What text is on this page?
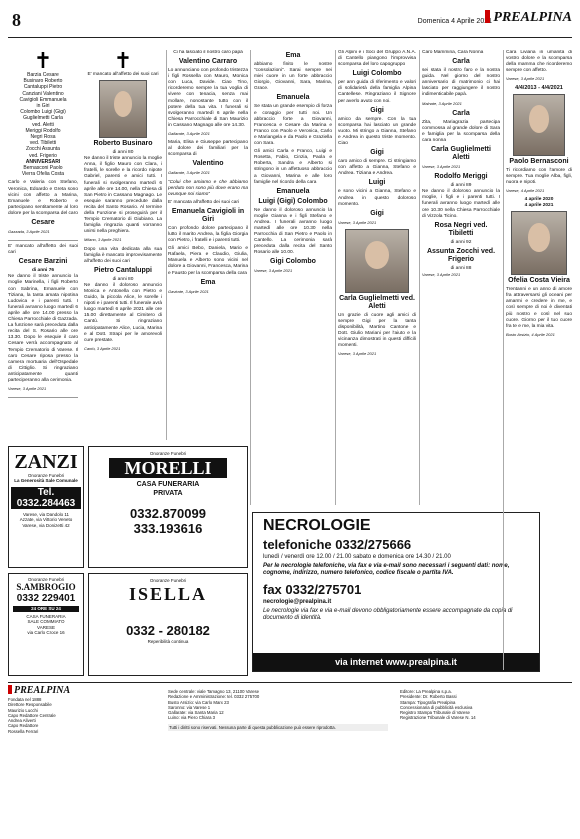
8	Domenica 4 Aprile 2021 PREALPINA
✝
Barzia Cesare
Businaro Roberto
Cantaluppi Pietro
Canziani Valentino
Cavigioli Emmanuela
in Giri
Colombo Luigi (Gigi)
Guglielmetti Carla
ved. Aletti
Meriggi Rodolfo
Negri Rosa
ved. Tibiletti
Zocchi Assunta
ved. Frigerio
ANNIVERSARI
Bernasconi Paolo
Vierra Ofelia Costa

Carlo e Valeria con Stefano, Veronica, Edoardo e Greta sono vicini con affetto a Marina, Emanuele e Roberto e partecipano sentitamente al loro dolore per la scomparsa del caro

Cesare
Gazzada, 3 Aprile 2021

E' mancato all'affetto dei suoi cari

Cesare Barzini
di anni 76

Ne danno il triste annuncio la moglie Marinella, i figli Roberto con Sabrina, Emanuele con Tiziana, la tanta amata nipotina Ludovica e i parenti tutti. I funerali avranno luogo martedì 6 aprile alle ore 14.00 presso la Chiesa Parrocchiale di Gazzada. La funzione sarà preceduta dalla recita del S. Rosario alle ore 13.30. Dopo le esequie il caro Cesare verrà accompagnato al Tempio Crematorio di Varese. Il caro Cesare riposa presso la camera mortuaria dell'Ospedale di Cittiglio. Si ringraziano anticipatamente quanti parteciperanno alla cerimonia.

Varese, 3 Aprile 2021
✝

E' mancato all'affetto dei suoi cari

Roberto Businaro
di anni 80

Ne danno il triste annuncio la moglie Anna, il figlio Mauro con Clara, i fratelli, le sorelle e la ricordo nipote Gabriel, parenti e amici tutti. I funerali si svolgeranno martedì 6 aprile alle ore 14.00, nella Chiesa di San Pietro in Cassano Magnago. Le esequie saranno precedute dalla recita del Santo Rosario. Al termine della Funzione si proseguirà per il Tempio Crematorio di Giubiano. La famiglia ringrazia quanti vorranno unirsi nella preghiera.

Milano, 3 Aprile 2021

Dopo una vita dedicata alla sua famiglia è mancato improvvisamente all'affetto dei suoi cari

Pietro Cantaluppi
di anni 80

Ne danno il doloroso annuncio Monica e Antonella con Pietro e Guido, la piccola Alice, le sorelle i nipoti e i parenti tutti. Il funerale avrà luogo martedì 6 aprile 2021 alle ore 15.00 direttamente al Cimitero di Cantù. Si ringraziano anticipatamente Alice, Lucia, Marina e al Dott. Strapi per le amorevoli cure prestate.

Cantù, 3 Aprile 2021

Ci ha lasciato il nostro caro papà

Valentino Carraro

Lo annunciano con profondo tristezza i figli Rossella con Mauro, Monica con Luca, Davide. Ciao Tino, ricorderemo sempre la tua voglia di vivere con tenacia, senza mai mollare, nonostante tutto con il potere della tua vita. I funerali si svolgeranno martedì 6 aprile nella Chiesa Parrocchiale di San Maurizio in Cassano Magnago alle ore 14.30.

Gallarate, 3 Aprile 2021

Maria, Elisa e Giuseppe partecipano al dolore dei familiari per la scomparsa di

Valentino
Gallarate, 3 Aprile 2021

“Colui che amiamo e che abbiamo perduto non sono più dove erano ma ovunque noi siamo”

E' mancata all'affetto dei suoi cari

Emanuela Cavigioli in Giri

Con profondo dolore partecipano il lutto il marito Andrea, la figlia Giorgia con Pietro, i fratelli e i parenti tutti.

Gli amici Bebo, Daniela, Mario e Rafaela, Piera e Claudio, Giulia, Manuela e Alberto sono vicini nel dolore a Giovanni, Francesca, Marina e Fausto per la scomparsa della cara

Ema
Gavirate, 3 Aprile 2021
Ema

abbiamo finito le nostre “consolazioni”. Sarai sempre nei miei cuore in un forte abbraccio Giorgio, Giovanni, Sara, Marina, Grace.

Emanuela

Se stata un grande esempio di forza e coraggio per tutti noi. Un abbraccio forte a Giovanni, Francesca e Cesare da Marina e Franco con Paolo e Veronica, Carlo e Mariangela e da Paolo e Graziella con Sara.

Gli amici Carla e Franco, Luigi e Rosetta, Fabio, Cinzia, Paola e Roberta, Sandra e Alberto si stringono in un affettuoso abbraccio a Giovanni, Marina e alle loro famiglie nel ricordo della cara

Emanuela
Luigi (Gigi) Colombo

Ne danno il doloroso annuncio la moglie Gianna e i figli Stefano e Andrea. I funerali avranno luogo martedì alle ore 10.30 nella Parrocchia di San Pietro e Paolo in Cantello. La cerimonia sarà preceduta dalla recita del Santo Rosario alle 10.00.

Gigi Colombo
Varese, 3 Aprile 2021

Gli Alpini e i Soci del Gruppo A.N.A. di Cantello piangono l'improvvisa scomparsa del loro capogruppo

Luigi Colombo

per ann guida di riferimento e valori di solidarietà della famiglia Alpina Cantellese. Ringraziano il Signore per averlo avuto con noi.

Gigi

amico da sempre. Con la tua scomparsa hai lasciato un grande vuoto. Mi stringo a Gianna, Stefano e Andrea in questo triste momento. Ciao

Gigi

caro amico di sempre. Ci stringiamo con affetto a Gianna, Stefano e Andrea. Tiziana e Andrea.

Luigi

e sono vicini a Gianna, Stefano e Andrea in questo doloroso momento.

Gigi
Varese, 3 Aprile 2021
Carla Guglielmetti ved. Aletti

Un grazie di cuore agli amici di sempre Gigi per la tanta disponibilità, Martino Cantone e Dott. Giulio Mariani per l'aiuto e la vicinanza dimostrati in questi difficili momenti.

Varese, 3 Aprile 2021

Caro Mammina, Cara Nonna

Carla

sei stata il nostro faro e la nostra guida. Nel giorno del nostro anniversario di matrimonio ci hai lasciato per raggiungere il nostro indimenticabile papà.

Malnate, 3 Aprile 2021
Carla

Zita, Mariagrazia partecipa commossa al grande dolore di Sara e famiglia per la scomparsa della cara nonna

Carla Guglielmetti Aletti
Varese, 3 Aprile 2021
Rodolfo Meriggi
di anni 89

Ne danno il doloroso annuncio la moglie, i figli e i parenti tutti. I funerali avranno luogo martedì alle ore 10.30 nella Chiesa Parrocchiale di Vizzola Ticino.

Rosa Negri ved. Tibiletti
di anni 92
Assunta Zocchi ved. Frigerio
di anni 88
Varese, 3 Aprile 2021

Cara Liviana in umanità di vostro dolore e la scomparsa della mamma che ricorderemo sempre con affetto.

Varese, 3 Aprile 2021
4/4/2013 - 4/4/2021
Paolo Bernasconi

Ti ricordiamo con l'amore di sempre. Tua moglie Alba, figli, nuora e nipoti.

Varese, 4 Aprile 2021
4 aprile 2020
4 aprile 2021
Ofelia Costa Vieira

Trentanni e un anno di amore fra attraversarsi gli oceani per amarmi e credere in me, e così sempre di noi è diventati più nostro e così nel suo cuore. Giorno per il tuo cuore fra te e me, la mia vita.

Busto Arsizio, 4 Aprile 2021
ZANZI
Onoranze Funebri
La Generosità Sale Comunale
Tel. 0332.284463
Varese, via Dandolo 11
Azzate, via Vittorio Veneto
Varese, via Donizetti 42
Onoranze Funebri
S.AMBROGIO
0332 229401
24 ORE SU 24
CASA FUNERARIA
SALE COMMIATO
VARESE
via Carlo Croce 16
Onoranze Funebri
MORELLI
CASA FUNERARIA
PRIVATA
0332.870099
333.193616
Onoranze Funebri
ISELLA
0332 - 280182
Reperibilità continua
NECROLOGIE
telefoniche 0332/275666
lunedì / venerdì ore 12.00 / 21.00 sabato e domenica ore 14.30 / 21.00
Per le necrologie telefoniche, via fax e via e-mail sono necessari i seguenti dati: nome, cognome, indirizzo, numero telefonico, codice fiscale o partita IVA.
fax 0332/275701
necrologie@prealpina.it
Le necrologie via fax e via e-mail devono obbligatoriamente essere accompagnate da copia di documento di identità.
via internet www.prealpina.it
PREALPINA
Fondata nel 1888
Direttore Responsabile
Maurizio Lucchi
Capo Redattore Centrale
Andrea Aliverti
Capo Redattore
Rossella Ferrari
Sede centrale: viale Tamagno 13, 21100 Varese
Redazione e Amministrazione: tel. 0332 275700
Busto Arsizio: via Carlo Marx 23
Saronno: via Varese 1
Gallarate: via Santa Maria 12
Luino: via Piero Chiara 3
Tutti i diritti sono riservati. Nessuna parte di questa pubblicazione può essere riprodotta.
Editore: La Prealpina s.p.a.
Presidente: Dr. Roberto Bassi
Stampa: Tipografia Prealpina
Concessionaria di pubblicità esclusiva
Registro Stampa Tribunale di Varese
Registrazione Tribunale di Varese N. 14
